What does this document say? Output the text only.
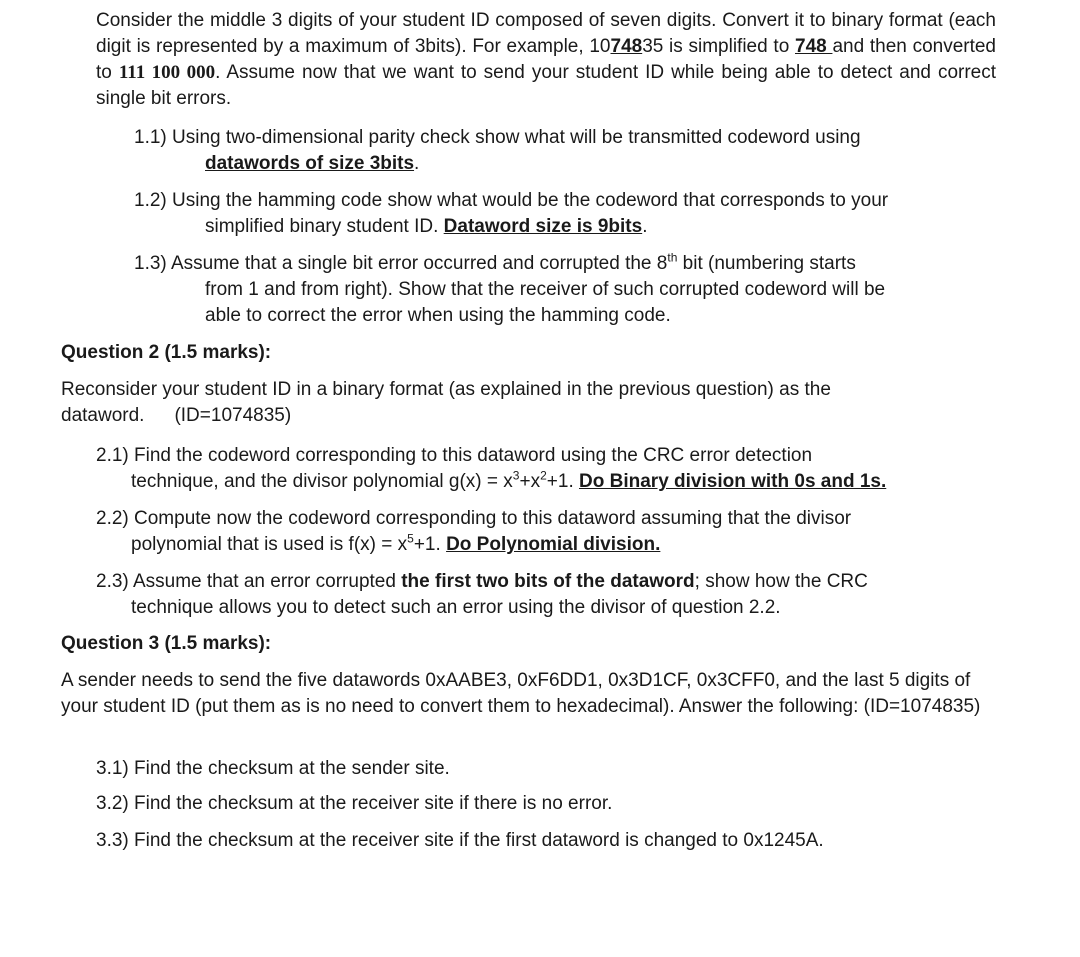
Consider the middle 3 digits of your student ID composed of seven digits. Convert it to binary format (each digit is represented by a maximum of 3bits). For example, 1074835 is simplified to 748 and then converted to 111 100 000. Assume now that we want to send your student ID while being able to detect and correct single bit errors.

1.1) Using two-dimensional parity check show what will be transmitted codeword using
datawords of size 3bits.

1.2) Using the hamming code show what would be the codeword that corresponds to your
simplified binary student ID. Dataword size is 9bits.

1.3) Assume that a single bit error occurred and corrupted the 8th bit (numbering starts
from 1 and from right). Show that the receiver of such corrupted codeword will be
able to correct the error when using the hamming code.

Question 2 (1.5 marks):

Reconsider your student ID in a binary format (as explained in the previous question) as the
dataword. (ID=1074835)

2.1) Find the codeword corresponding to this dataword using the CRC error detection
technique, and the divisor polynomial $g(x) = x^3+x^2+1$. Do Binary division with 0s and 1s.

2.2) Compute now the codeword corresponding to this dataword assuming that the divisor
polynomial that is used is $f(x) = x^5+1$. Do Polynomial division.

2.3) Assume that an error corrupted the first two bits of the dataword; show how the CRC
technique allows you to detect such an error using the divisor of question 2.2.

Question 3 (1.5 marks):

A sender needs to send the five datawords 0xAABE3, 0xF6DD1, 0x3D1CF, 0x3CFF0, and the last 5 digits of your student ID (put them as is no need to convert them to hexadecimal). Answer the following: (ID=1074835)

3.1) Find the checksum at the sender site.

3.2) Find the checksum at the receiver site if there is no error.

3.3) Find the checksum at the receiver site if the first dataword is changed to 0x1245A.
